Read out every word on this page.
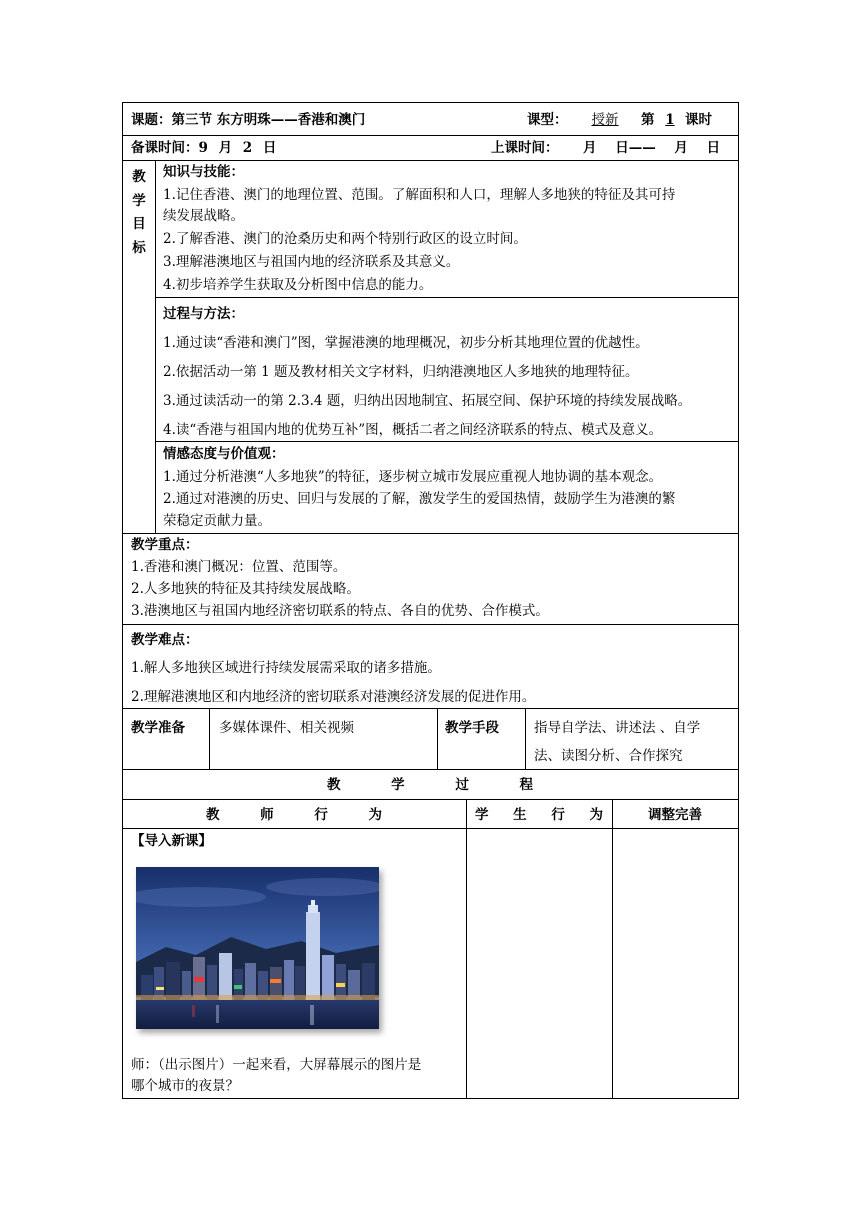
课题：第三节 东方明珠——香港和澳门	课型：	授新	第 1 课时
备课时间：9 月 2 日	上课时间： 月 日—— 月 日
教
学
目
标
知识与技能：
1.记住香港、澳门的地理位置、范围。了解面积和人口，理解人多地狭的特征及其可持
续发展战略。
2.了解香港、澳门的沧桑历史和两个特别行政区的设立时间。
3.理解港澳地区与祖国内地的经济联系及其意义。
4.初步培养学生获取及分析图中信息的能力。
过程与方法：
1.通过读“香港和澳门”图，掌握港澳的地理概况，初步分析其地理位置的优越性。
2.依据活动一第 1 题及教材相关文字材料，归纳港澳地区人多地狭的地理特征。
3.通过读活动一的第 2.3.4 题，归纳出因地制宜、拓展空间、保护环境的持续发展战略。
4.读“香港与祖国内地的优势互补”图，概括二者之间经济联系的特点、模式及意义。
情感态度与价值观：
1.通过分析港澳“人多地狭”的特征，逐步树立城市发展应重视人地协调的基本观念。
2.通过对港澳的历史、回归与发展的了解，激发学生的爱国热情，鼓励学生为港澳的繁
荣稳定贡献力量。
教学重点：
1.香港和澳门概况：位置、范围等。
2.人多地狭的特征及其持续发展战略。
3.港澳地区与祖国内地经济密切联系的特点、各自的优势、合作模式。
教学难点：
1.解人多地狭区域进行持续发展需采取的诸多措施。
2.理解港澳地区和内地经济的密切联系对港澳经济发展的促进作用。
教学准备	多媒体课件、相关视频	教学手段	指导自学法、讲述法 、自学
法、读图分析、合作探究
教 学 过 程
教 师 行 为	学 生 行 为	调整完善
【导入新课】
师：（出示图片）一起来看，大屏幕展示的图片是
哪个城市的夜景？
